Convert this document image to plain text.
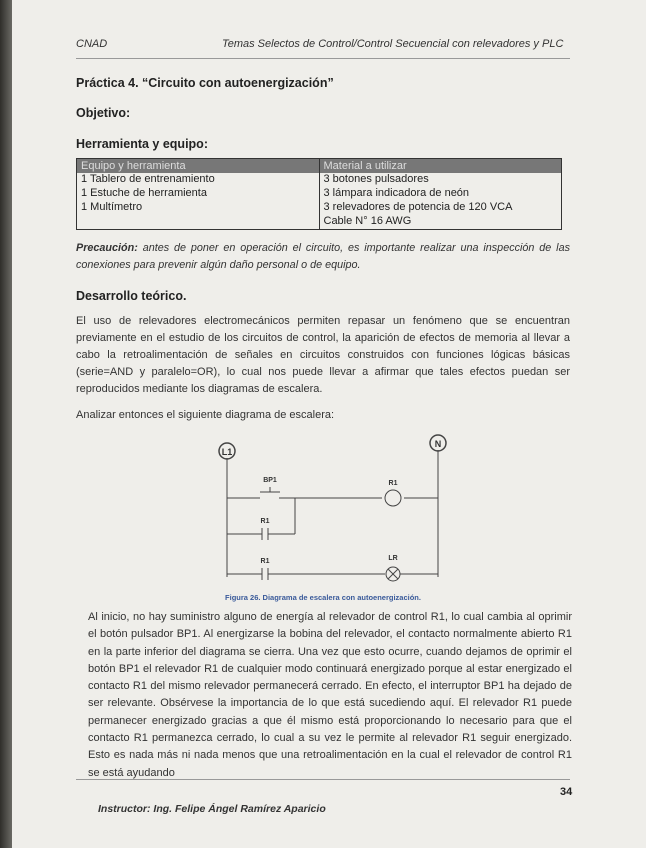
CNAD	Temas Selectos de Control/Control Secuencial con relevadores y PLC
Práctica 4. “Circuito con autoenergización”
Objetivo:
Herramienta y equipo:
Equipo y herramienta	Material a utilizar
1 Tablero de entrenamiento	3 botones pulsadores
1 Estuche de herramienta	3 lámpara indicadora de neón
1 Multímetro	3 relevadores de potencia de 120 VCA
	Cable N° 16 AWG
Precaución: antes de poner en operación el circuito, es importante realizar una inspección de las conexiones para prevenir algún daño personal o de equipo.
Desarrollo teórico.
El uso de relevadores electromecánicos permiten repasar un fenómeno que se encuentran previamente en el estudio de los circuitos de control, la aparición de efectos de memoria al llevar a cabo la retroalimentación de señales en circuitos construidos con funciones lógicas básicas (serie=AND y paralelo=OR), lo cual nos puede llevar a afirmar que tales efectos puedan ser reproducidos mediante los diagramas de escalera.
Analizar entonces el siguiente diagrama de escalera:
L1
N
BP1	R1
R1
R1	LR
Figura 26. Diagrama de escalera con autoenergización.
Al inicio, no hay suministro alguno de energía al relevador de control R1, lo cual cambia al oprimir el botón pulsador BP1. Al energizarse la bobina del relevador, el contacto normalmente abierto R1 en la parte inferior del diagrama se cierra. Una vez que esto ocurre, cuando dejamos de oprimir el botón BP1 el relevador R1 de cualquier modo continuará energizado porque al estar energizado el contacto R1 del mismo relevador permanecerá cerrado. En efecto, el interruptor BP1 ha dejado de ser relevante. Obsérvese la importancia de lo que está sucediendo aquí. El relevador R1 puede permanecer energizado gracias a que él mismo está proporcionando lo necesario para que el contacto R1 permanezca cerrado, lo cual a su vez le permite al relevador R1 seguir energizado. Esto es nada más ni nada menos que una retroalimentación en la cual el relevador de control R1 se está ayudando
34
Instructor: Ing. Felipe Ángel Ramírez Aparicio
